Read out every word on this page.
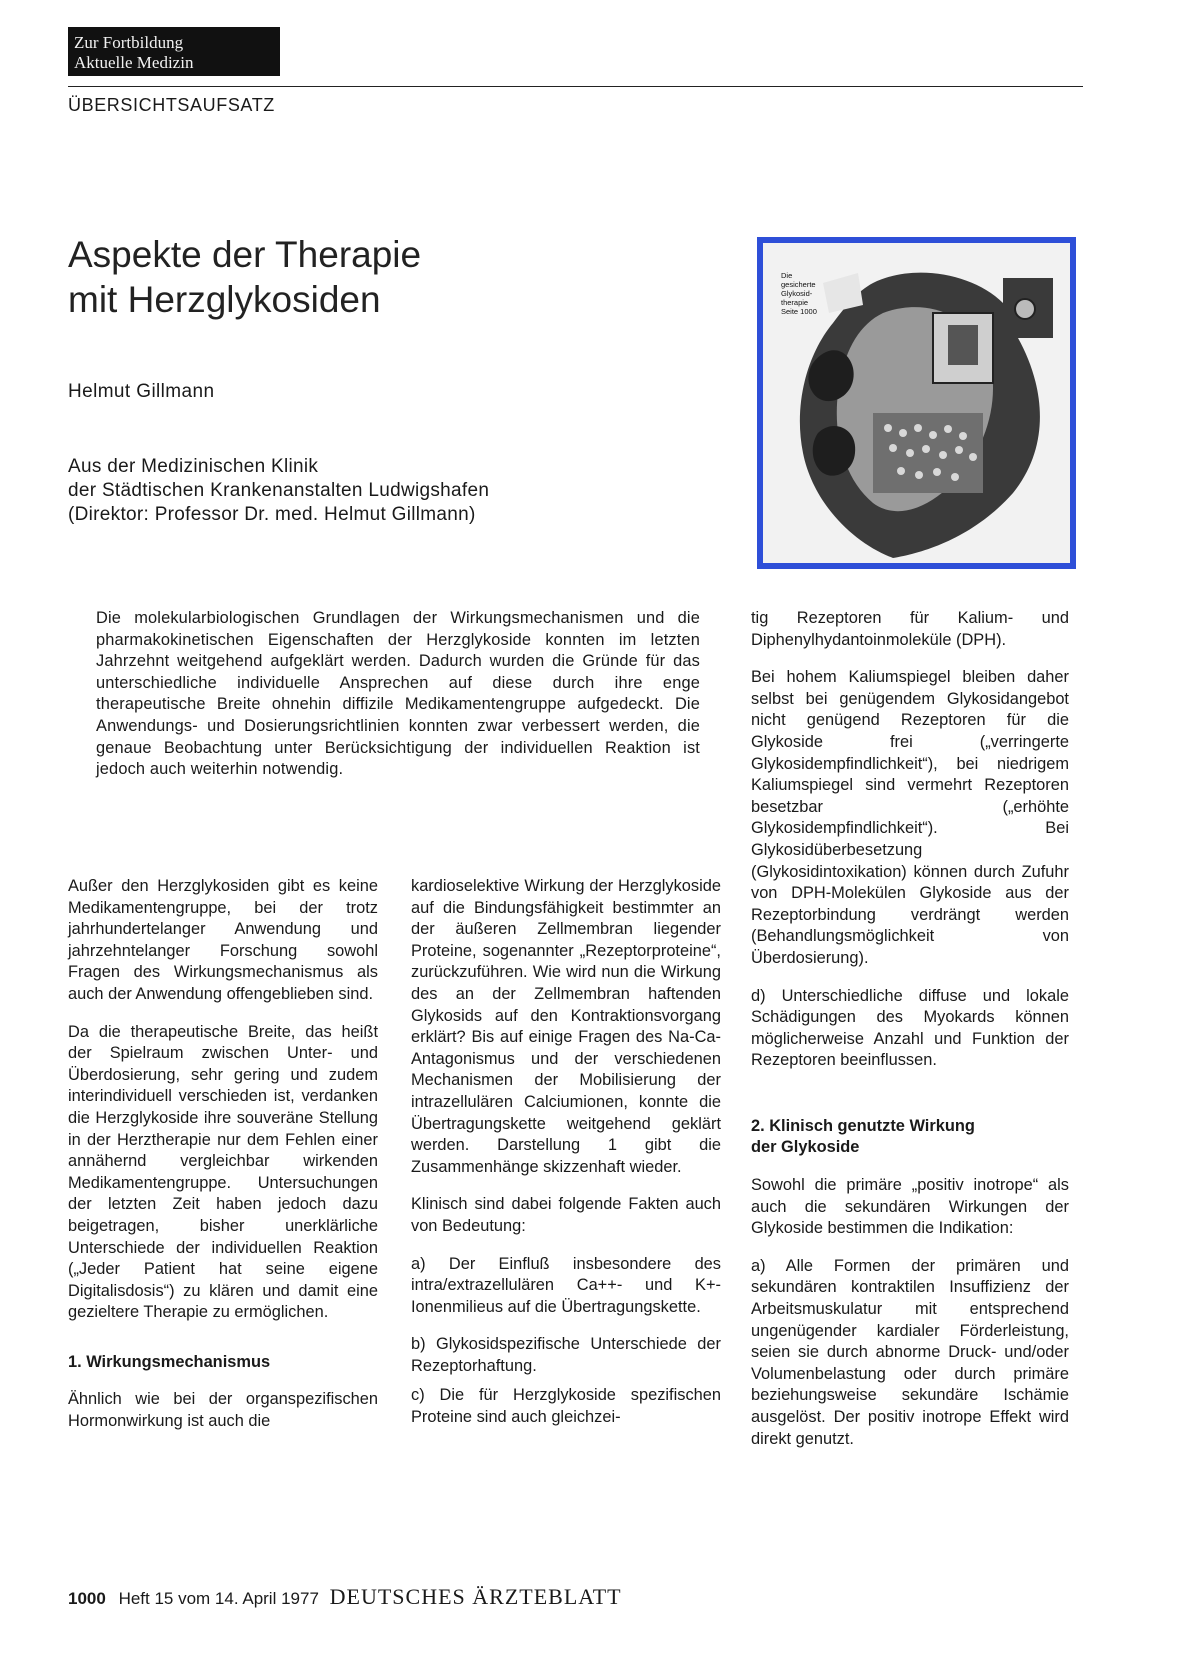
Zur Fortbildung
Aktuelle Medizin
ÜBERSICHTSAUFSATZ
Aspekte der Therapie
mit Herzglykosiden
Helmut Gillmann
Aus der Medizinischen Klinik
der Städtischen Krankenanstalten Ludwigshafen
(Direktor: Professor Dr. med. Helmut Gillmann)
Die
gesicherte
Glykosid-
therapie
Seite 1000
Die molekularbiologischen Grundlagen der Wirkungsmechanismen und die pharmakokinetischen Eigenschaften der Herzglykoside konnten im letzten Jahrzehnt weitgehend aufgeklärt werden. Dadurch wurden die Gründe für das unterschiedliche individuelle Ansprechen auf diese durch ihre enge therapeutische Breite ohnehin diffizile Medikamentengruppe aufgedeckt. Die Anwendungs- und Dosierungsrichtlinien konnten zwar verbessert werden, die genaue Beobachtung unter Berücksichtigung der individuellen Reaktion ist jedoch auch weiterhin notwendig.

Außer den Herzglykosiden gibt es keine Medikamentengruppe, bei der trotz jahrhundertelanger Anwendung und jahrzehntelanger Forschung sowohl Fragen des Wirkungsmechanismus als auch der Anwendung offengeblieben sind.

Da die therapeutische Breite, das heißt der Spielraum zwischen Unter- und Überdosierung, sehr gering und zudem interindividuell verschieden ist, verdanken die Herzglykoside ihre souveräne Stellung in der Herztherapie nur dem Fehlen einer annähernd vergleichbar wirkenden Medikamentengruppe. Untersuchungen der letzten Zeit haben jedoch dazu beigetragen, bisher unerklärliche Unterschiede der individuellen Reaktion („Jeder Patient hat seine eigene Digitalisdosis“) zu klären und damit eine gezieltere Therapie zu ermöglichen.

1. Wirkungsmechanismus

Ähnlich wie bei der organspezifischen Hormonwirkung ist auch die

kardioselektive Wirkung der Herzglykoside auf die Bindungsfähigkeit bestimmter an der äußeren Zellmembran liegender Proteine, sogenannter „Rezeptorproteine“, zurückzuführen. Wie wird nun die Wirkung des an der Zellmembran haftenden Glykosids auf den Kontraktionsvorgang erklärt? Bis auf einige Fragen des Na-Ca-Antagonismus und der verschiedenen Mechanismen der Mobilisierung der intrazellulären Calciumionen, konnte die Übertragungskette weitgehend geklärt werden. Darstellung 1 gibt die Zusammenhänge skizzenhaft wieder.

Klinisch sind dabei folgende Fakten auch von Bedeutung:

a) Der Einfluß insbesondere des intra/extrazellulären Ca++- und K+-Ionenmilieus auf die Übertragungskette.

b) Glykosidspezifische Unterschiede der Rezeptorhaftung.

c) Die für Herzglykoside spezifischen Proteine sind auch gleichzei-

tig Rezeptoren für Kalium- und Diphenylhydantoinmoleküle (DPH).

Bei hohem Kaliumspiegel bleiben daher selbst bei genügendem Glykosidangebot nicht genügend Rezeptoren für die Glykoside frei („verringerte Glykosidempfindlichkeit“), bei niedrigem Kaliumspiegel sind vermehrt Rezeptoren besetzbar („erhöhte Glykosidempfindlichkeit“). Bei Glykosidüberbesetzung (Glykosidintoxikation) können durch Zufuhr von DPH-Molekülen Glykoside aus der Rezeptorbindung verdrängt werden (Behandlungsmöglichkeit von Überdosierung).

d) Unterschiedliche diffuse und lokale Schädigungen des Myokards können möglicherweise Anzahl und Funktion der Rezeptoren beeinflussen.

2. Klinisch genutzte Wirkung
der Glykoside

Sowohl die primäre „positiv inotrope“ als auch die sekundären Wirkungen der Glykoside bestimmen die Indikation:

a) Alle Formen der primären und sekundären kontraktilen Insuffizienz der Arbeitsmuskulatur mit entsprechend ungenügender kardialer Förderleistung, seien sie durch abnorme Druck- und/oder Volumenbelastung oder durch primäre beziehungsweise sekundäre Ischämie ausgelöst. Der positiv inotrope Effekt wird direkt genutzt.

1000 Heft 15 vom 14. April 1977 DEUTSCHES ÄRZTEBLATT
